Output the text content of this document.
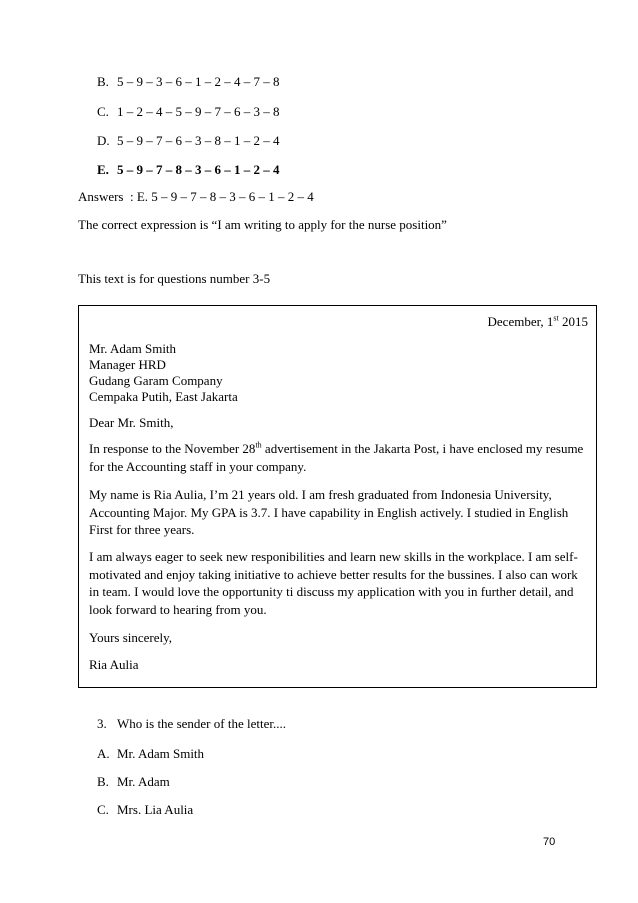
B. 5 – 9 – 3 – 6 – 1 – 2 – 4 – 7 – 8
C. 1 – 2 – 4 – 5 – 9 – 7 – 6 – 3 – 8
D. 5 – 9 – 7 – 6 – 3 – 8 – 1 – 2 – 4
E. 5 – 9 – 7 – 8 – 3 – 6 – 1 – 2 – 4
Answers  : E. 5 – 9 – 7 – 8 – 3 – 6 – 1 – 2 – 4
The correct expression is “I am writing to apply for the nurse position”
This text is for questions number 3-5
December, 1st 2015
Mr. Adam Smith
Manager HRD
Gudang Garam Company
Cempaka Putih, East Jakarta
Dear Mr. Smith,
In response to the November 28th advertisement in the Jakarta Post, i have enclosed my resume for the Accounting staff in your company.
My name is Ria Aulia, I’m 21 years old. I am fresh graduated from Indonesia University, Accounting Major. My GPA is 3.7. I have capability in English actively. I studied in English First for three years.
I am always eager to seek new responibilities and learn new skills in the workplace. I am self-motivated and enjoy taking initiative to achieve better results for the bussines. I also can work in team. I would love the opportunity ti discuss my application with you in further detail, and look forward to hearing from you.
Yours sincerely,
Ria Aulia
3. Who is the sender of the letter....
A. Mr. Adam Smith
B. Mr. Adam
C. Mrs. Lia Aulia
70
